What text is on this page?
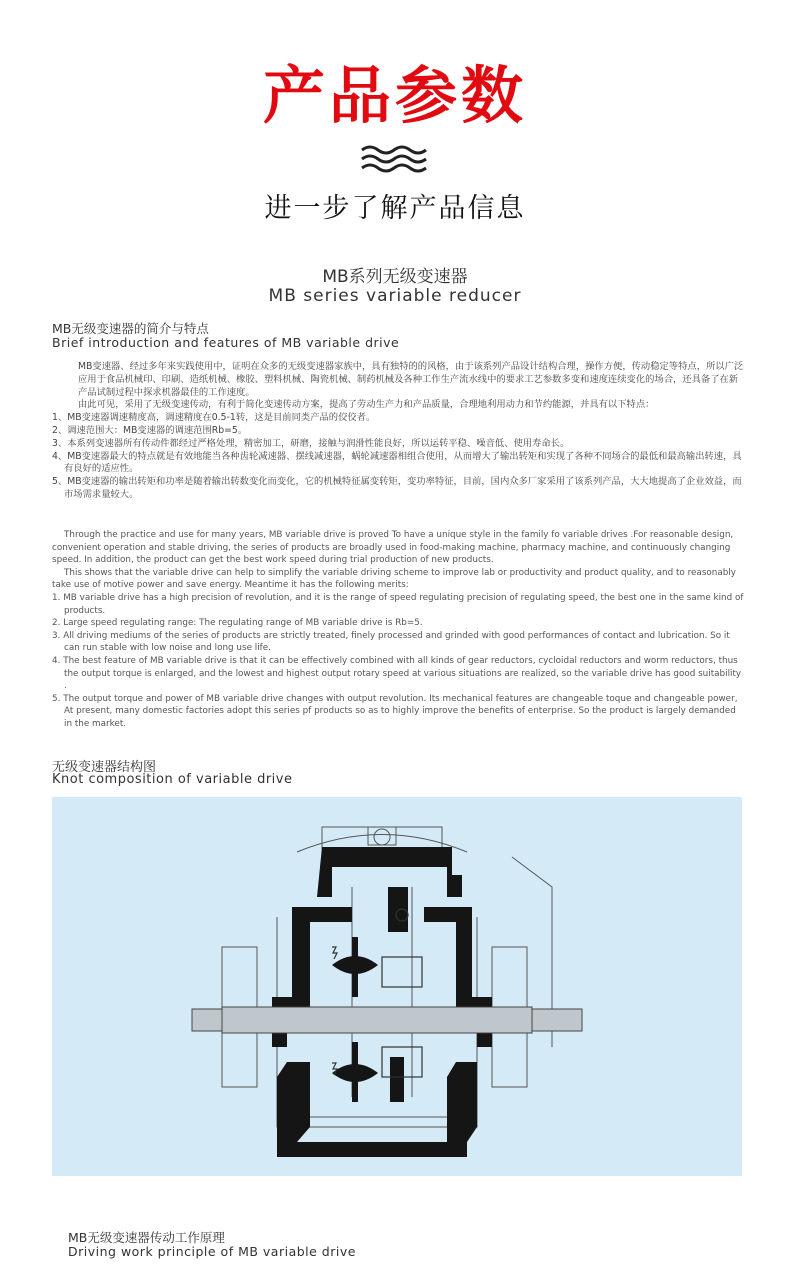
产品参数
进一步了解产品信息
MB系列无级变速器
MB series variable reducer
MB无级变速器的简介与特点
Brief introduction and features of MB variable drive

MB变速器、经过多年来实践使用中，证明在众多的无级变速器家族中，具有独特的的风格，由于该系列产品设计结构合理，操作方便，传动稳定等特点，所以广泛应用于食品机械印、印刷、造纸机械、橡胶、塑料机械、陶瓷机械、制药机械及各种工作生产流水线中的要求工艺参数多变和速度连续变化的场合，还具备了在新产品试制过程中探求机器最佳的工作速度。

由此可见，采用了无级变速传动，有利于简化变速传动方案，提高了劳动生产力和产品质量，合理地利用动力和节约能源，并具有以下特点：

1、MB变速器调速精度高，调速精度在0.5-1转，这是目前同类产品的佼佼者。

2、调速范围大：MB变速器的调速范围Rb=5。

3、本系列变速器所有传动件都经过严格处理，精密加工，研磨，接触与润滑性能良好，所以运转平稳、噪音低、使用寿命长。

4、MB变速器最大的特点就是有效地能当各种齿轮减速器、摆线减速器，蜗轮减速器相组合使用，从而增大了输出转矩和实现了各种不同场合的最低和最高输出转速，具有良好的适应性。

5、MB变速器的输出转矩和功率是随着输出转数变化而变化，它的机械特征属变转矩，变功率特征，目前，国内众多厂家采用了该系列产品，大大地提高了企业效益，而市场需求量较大。

Through the practice and use for many years, MB variable drive is proved To have a unique style in the family fo variable drives .For reasonable design, convenient operation and stable driving, the series of products are broadly used in food-making machine, pharmacy machine, and continuously changing speed. In addition, the product can get the best work speed during trial production of new products.

This shows that the variable drive can help to simplify the variable driving scheme to improve lab or productivity and product quality, and to reasonably take use of motive power and save energy. Meantime it has the following merits:

1. MB variable drive has a high precision of revolution, and it is the range of speed regulating precision of regulating speed, the best one in the same kind of products.

2. Large speed regulating range: The regulating range of MB variable drive is Rb=5.

3. All driving mediums of the series of products are strictly treated, finely processed and grinded with good performances of contact and lubrication. So it can run stable with low noise and long use life.

4. The best feature of MB variable drive is that it can be effectively combined with all kinds of gear reductors, cycloidal reductors and worm reductors, thus the output torque is enlarged, and the lowest and highest output rotary speed at various situations are realized, so the variable drive has good suitability .

5. The output torque and power of MB variable drive changes with output revolution. Its mechanical features are changeable toque and changeable power, At present, many domestic factories adopt this series pf products so as to highly improve the benefits of enterprise. So the product is largely demanded in the market.

无级变速器结构图
Knot composition of variable drive
MB无级变速器传动工作原理
Driving work principle of MB variable drive
